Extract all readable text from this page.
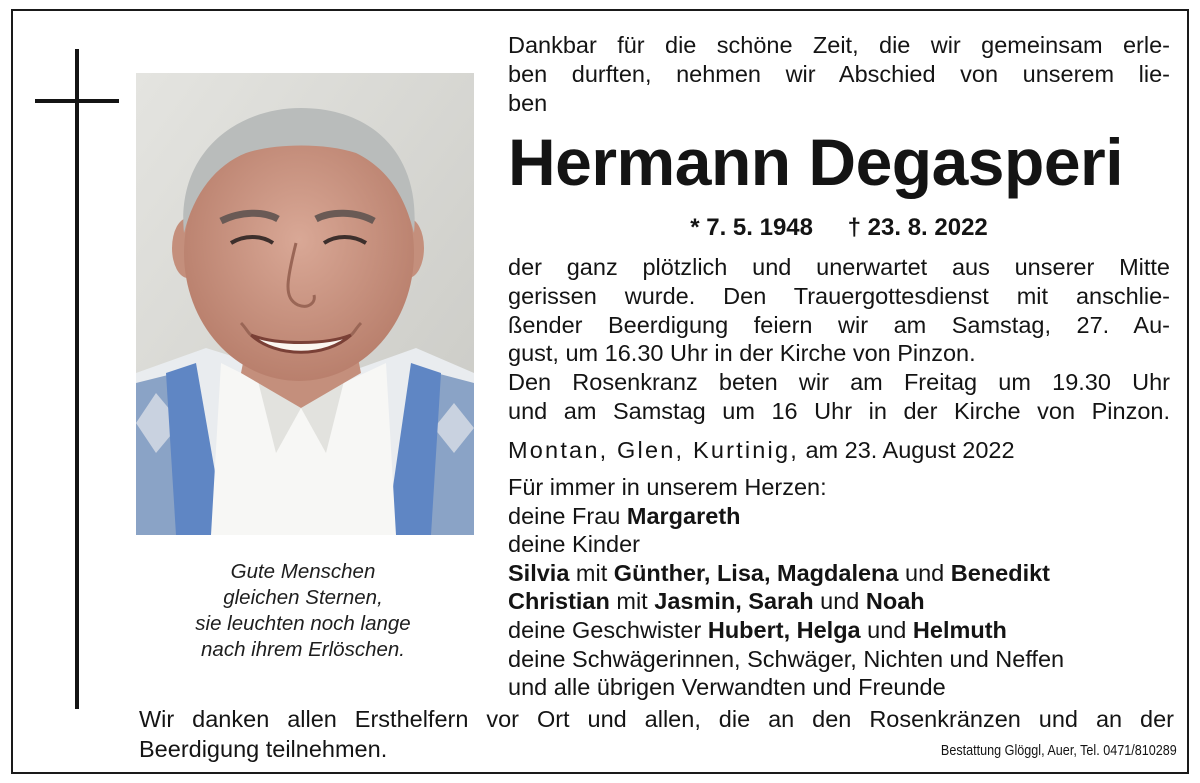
Gute Menschen
gleichen Sternen,
sie leuchten noch lange
nach ihrem Erlöschen.
Dankbar für die schöne Zeit, die wir gemeinsam erle-
ben durften, nehmen wir Abschied von unserem lie-
ben
Hermann Degasperi
* 7. 5. 1948 † 23. 8. 2022
der ganz plötzlich und unerwartet aus unserer Mitte
gerissen wurde. Den Trauergottesdienst mit anschlie-
ßender Beerdigung feiern wir am Samstag, 27. Au-
gust, um 16.30 Uhr in der Kirche von Pinzon.
Den Rosenkranz beten wir am Freitag um 19.30 Uhr
und am Samstag um 16 Uhr in der Kirche von Pinzon.
Montan, Glen, Kurtinig, am 23. August 2022
Für immer in unserem Herzen:
deine Frau Margareth
deine Kinder
Silvia mit Günther, Lisa, Magdalena und Benedikt
Christian mit Jasmin, Sarah und Noah
deine Geschwister Hubert, Helga und Helmuth
deine Schwägerinnen, Schwäger, Nichten und Neffen
und alle übrigen Verwandten und Freunde
Wir danken allen Ersthelfern vor Ort und allen, die an den Rosenkränzen und an der
Beerdigung teilnehmen.	Bestattung Glöggl, Auer, Tel. 0471/810289
